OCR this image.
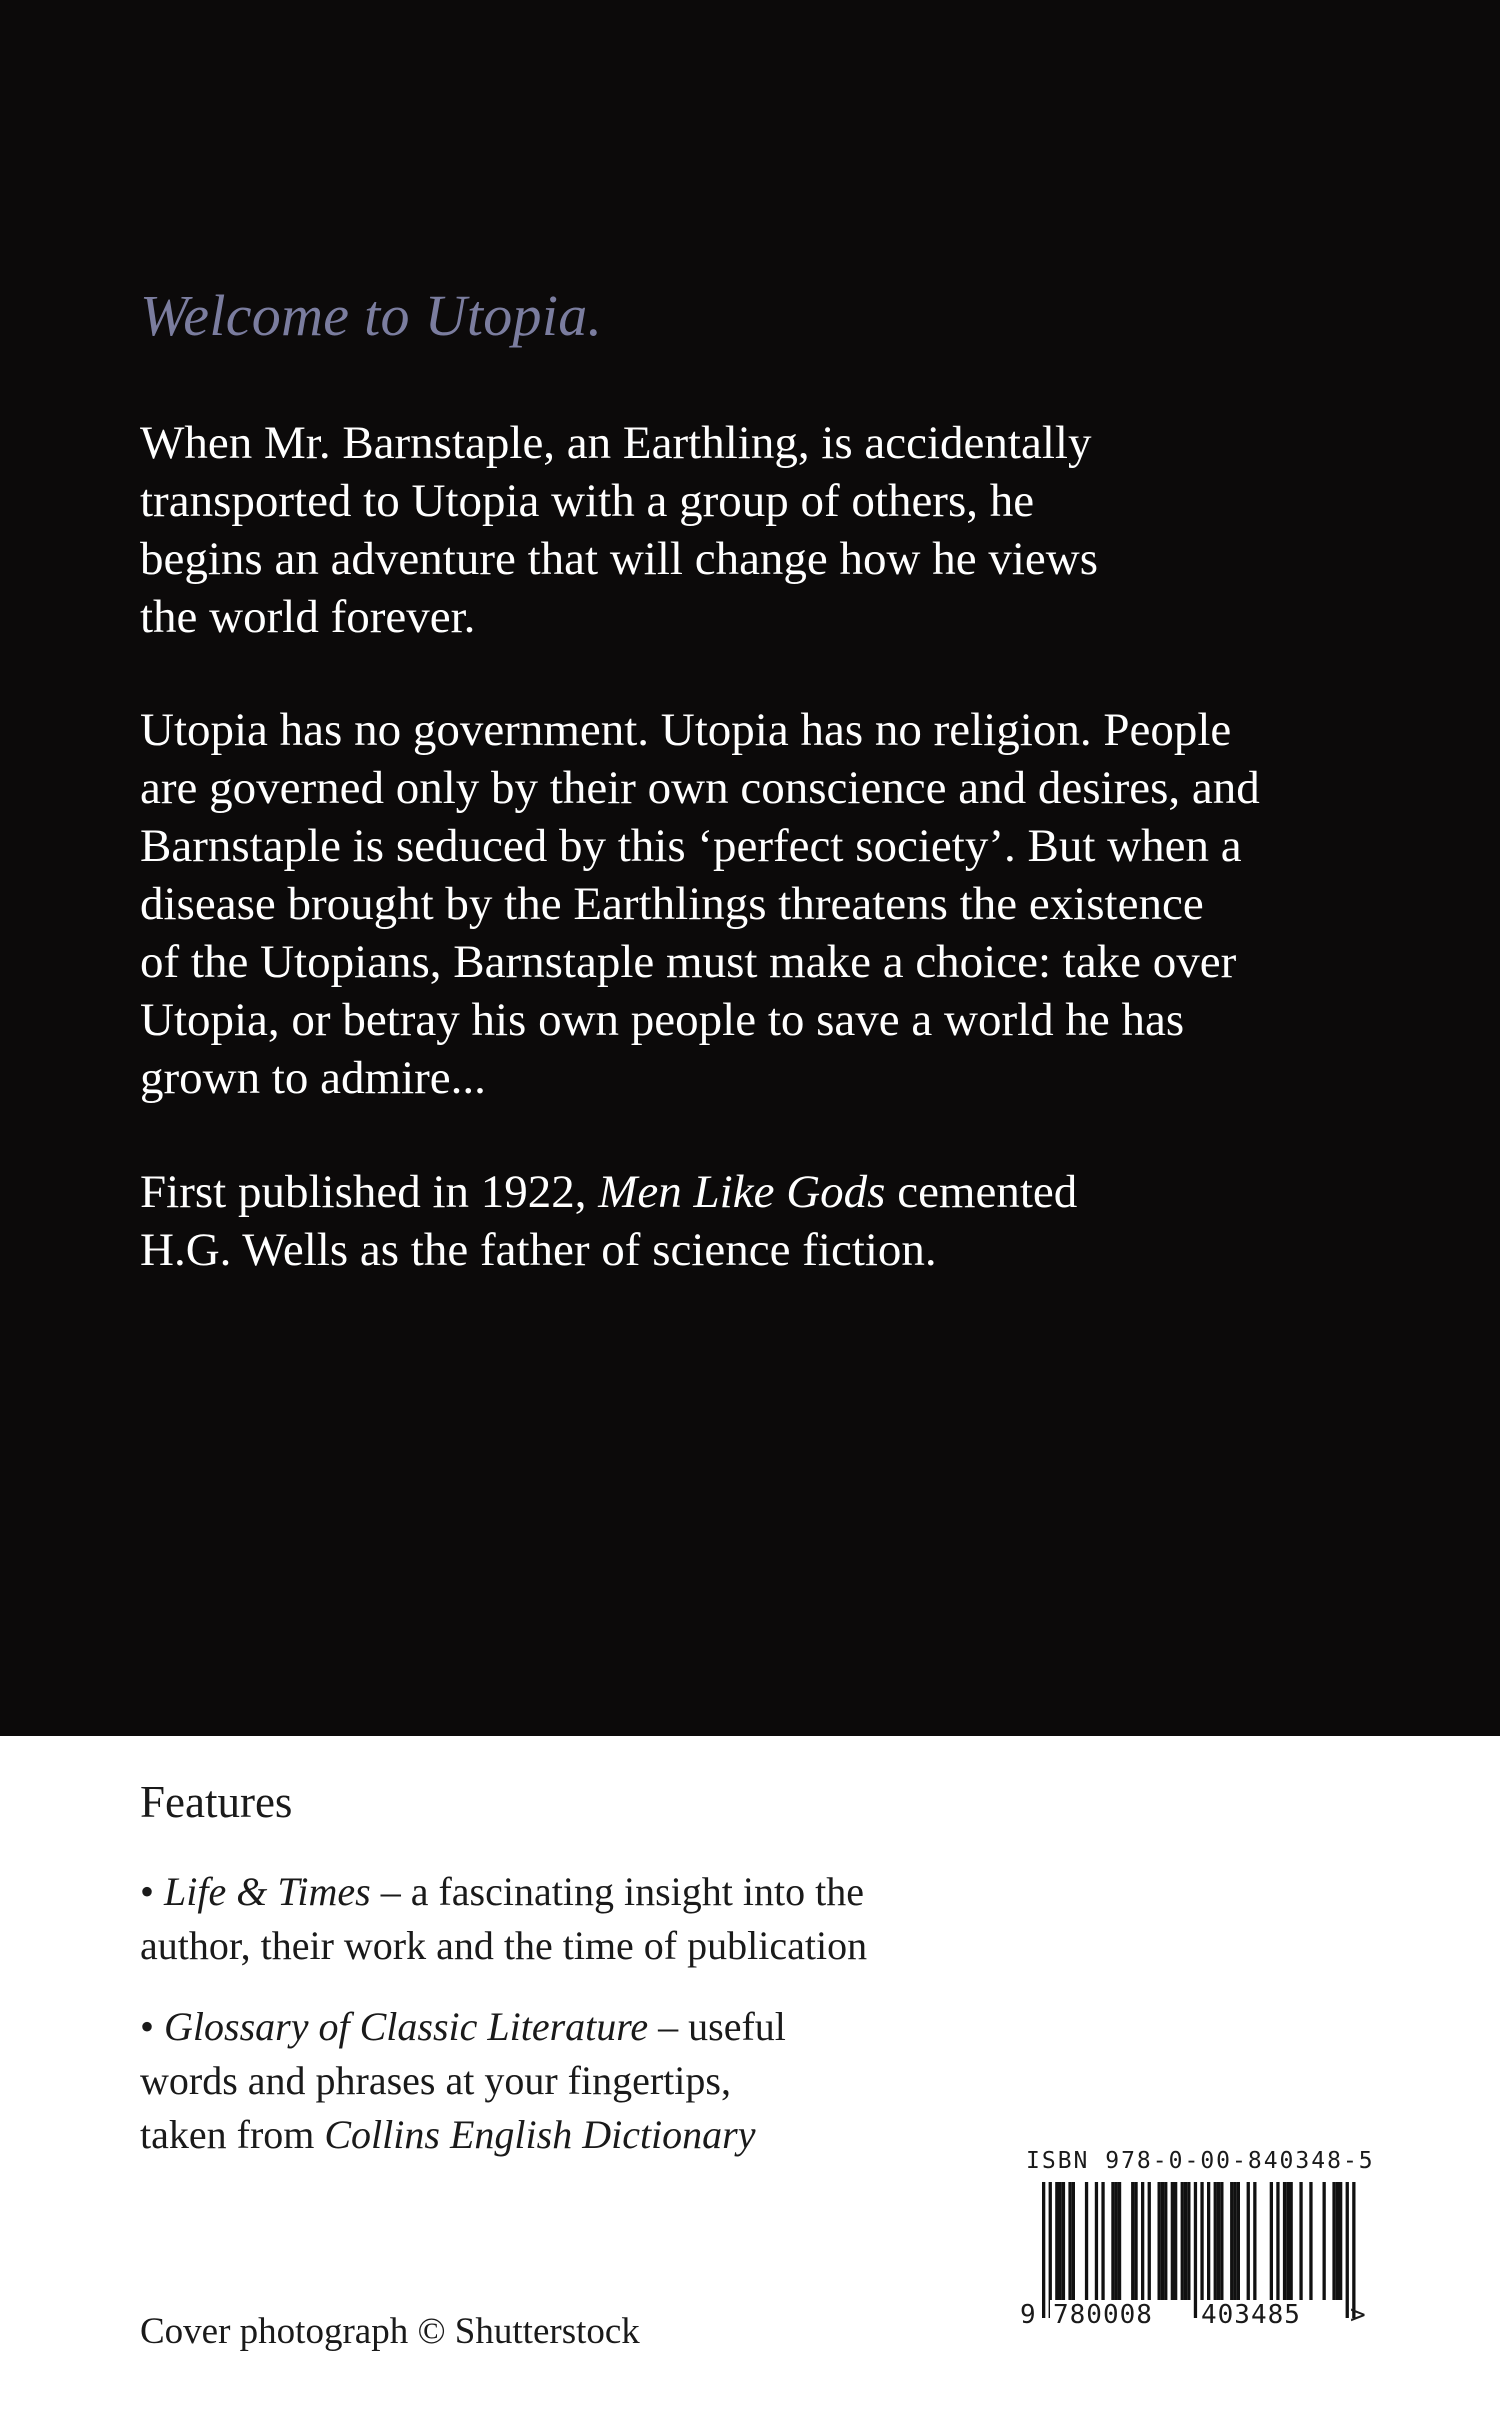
Welcome to Utopia.
When Mr. Barnstaple, an Earthling, is accidentally
transported to Utopia with a group of others, he
begins an adventure that will change how he views
the world forever.
Utopia has no government. Utopia has no religion. People
are governed only by their own conscience and desires, and
Barnstaple is seduced by this ‘perfect society’. But when a
disease brought by the Earthlings threatens the existence
of the Utopians, Barnstaple must make a choice: take over
Utopia, or betray his own people to save a world he has
grown to admire...
First published in 1922, Men Like Gods cemented
H.G. Wells as the father of science fiction.
Features
• Life & Times – a fascinating insight into the
author, their work and the time of publication
• Glossary of Classic Literature – useful
words and phrases at your fingertips,
taken from Collins English Dictionary
Cover photograph © Shutterstock
ISBN 978-0-00-840348-5
9 780008 403485 >
